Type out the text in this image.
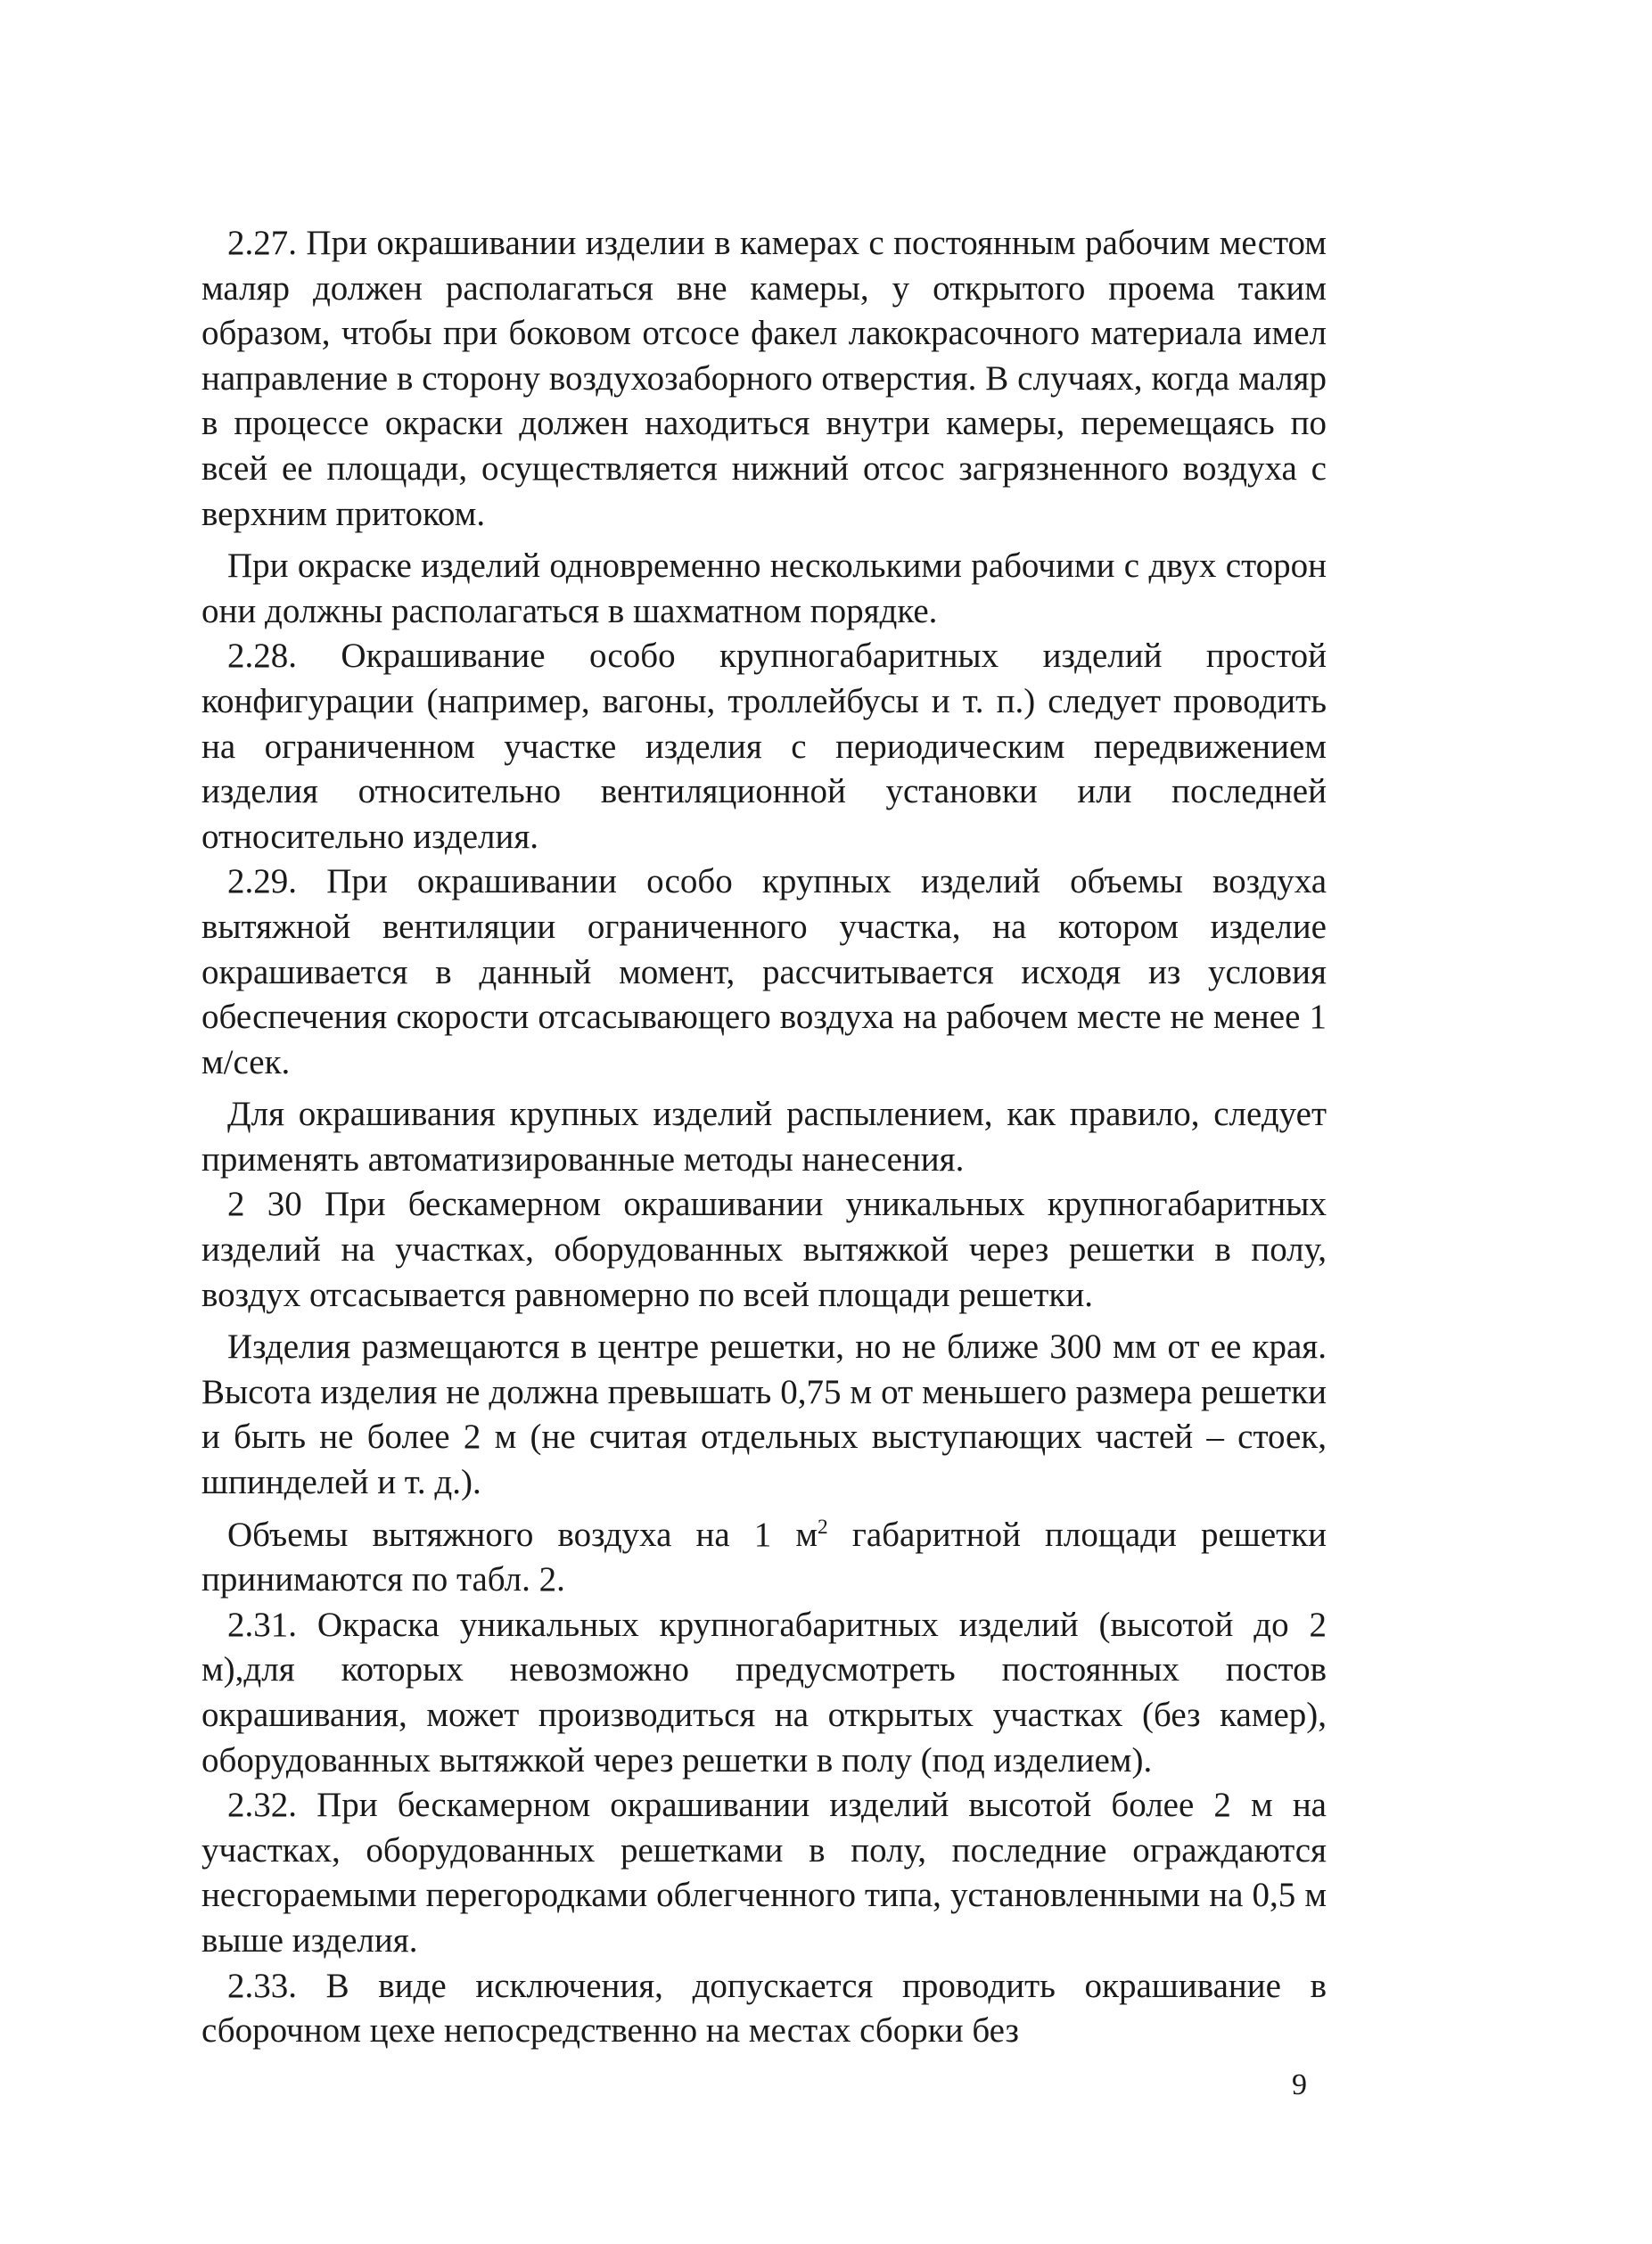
2.27. При окрашивании изделии в камерах с постоянным рабочим местом маляр должен располагаться вне камеры, у открытого проема таким образом, чтобы при боковом отсосе факел лакокрасочного материала имел направление в сторону воздухозаборного отверстия. В случаях, когда маляр в процессе окраски должен находиться внутри камеры, перемещаясь по всей ее площади, осуществляется нижний отсос загрязненного воздуха с верхним притоком.

При окраске изделий одновременно несколькими рабочими с двух сторон они должны располагаться в шахматном порядке.

2.28. Окрашивание особо крупногабаритных изделий простой конфигурации (например, вагоны, троллейбусы и т. п.) следует проводить на ограниченном участке изделия с периодическим передвижением изделия относительно вентиляционной установки или последней относительно изделия.

2.29. При окрашивании особо крупных изделий объемы воздуха вытяжной вентиляции ограниченного участка, на котором изделие окрашивается в данный момент, рассчитывается исходя из условия обеспечения скорости отсасывающего воздуха на рабочем месте не менее 1 м/сек.

Для окрашивания крупных изделий распылением, как правило, следует применять автоматизированные методы нанесения.

2 30 При бескамерном окрашивании уникальных крупногабаритных изделий на участках, оборудованных вытяжкой через решетки в полу, воздух отсасывается равномерно по всей площади решетки.

Изделия размещаются в центре решетки, но не ближе 300 мм от ее края. Высота изделия не должна превышать 0,75 м от меньшего размера решетки и быть не более 2 м (не считая отдельных выступающих частей – стоек, шпинделей и т. д.).

Объемы вытяжного воздуха на 1 $м^2$ габаритной площади решетки принимаются по табл. 2.

2.31. Окраска уникальных крупногабаритных изделий (высотой до 2 м),для которых невозможно предусмотреть постоянных постов окрашивания, может производиться на открытых участках (без камер), оборудованных вытяжкой через решетки в полу (под изделием).

2.32. При бескамерном окрашивании изделий высотой более 2 м на участках, оборудованных решетками в полу, последние ограждаются несгораемыми перегородками облегченного типа, установленными на 0,5 м выше изделия.

2.33. В виде исключения, допускается проводить окрашивание в сборочном цехе непосредственно на местах сборки без

9
